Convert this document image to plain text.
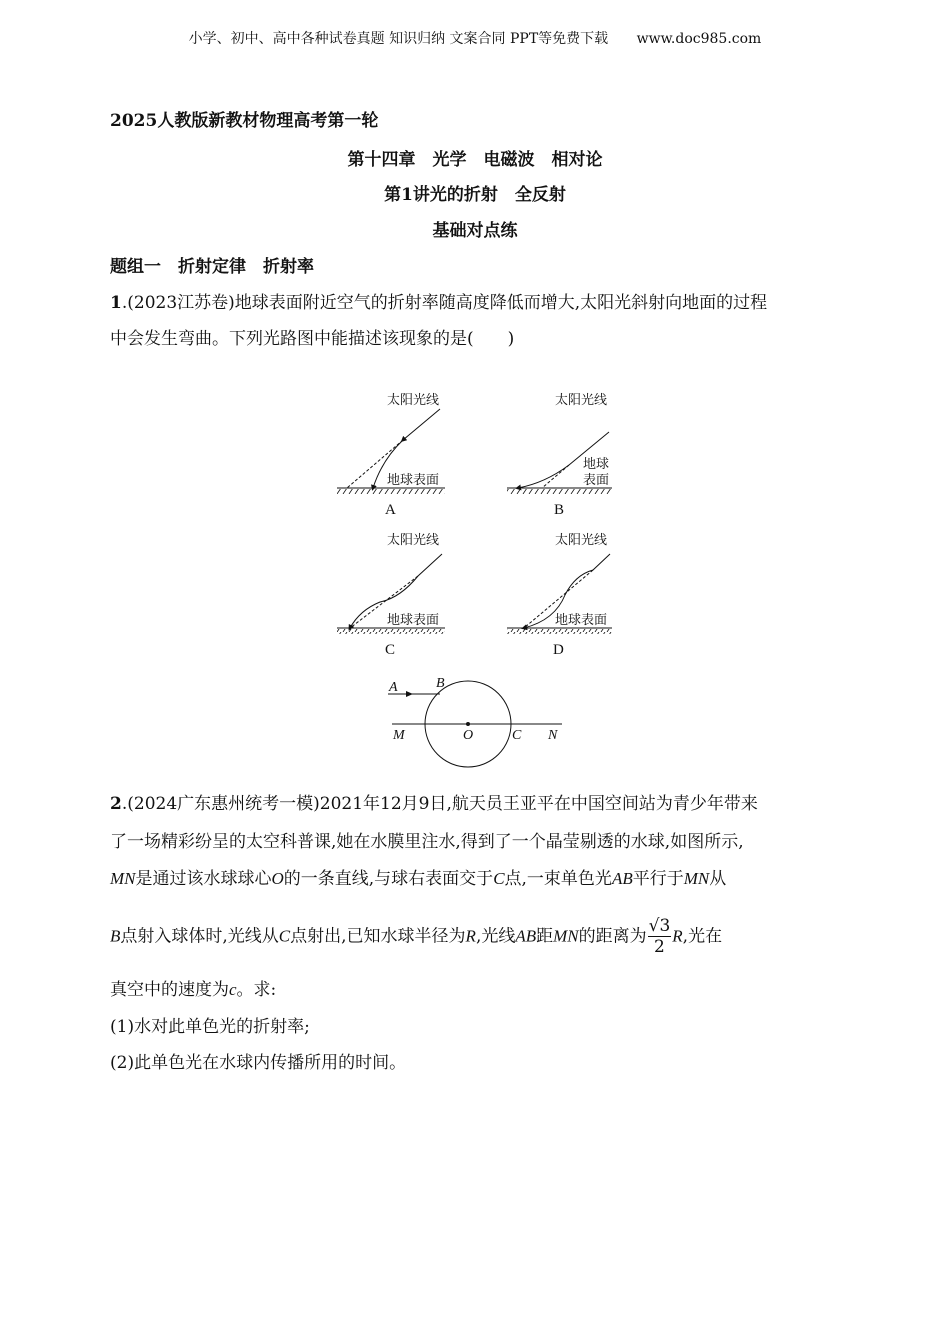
小学、初中、高中各种试卷真题 知识归纳 文案合同 PPT等免费下载 www.doc985.com
2025人教版新教材物理高考第一轮
第十四章　光学　电磁波　相对论
第1讲光的折射　全反射
基础对点练
题组一　折射定律　折射率
1.(2023江苏卷)地球表面附近空气的折射率随高度降低而增大,太阳光斜射向地面的过程
中会发生弯曲。下列光路图中能描述该现象的是(　　)
太阳光线
地球表面
A
太阳光线
地球
表面
B
太阳光线
地球表面
C
太阳光线
地球表面
D
A	B
M	O	C N
2.(2024广东惠州统考一模)2021年12月9日,航天员王亚平在中国空间站为青少年带来
了一场精彩纷呈的太空科普课,她在水膜里注水,得到了一个晶莹剔透的水球,如图所示,
MN是通过该水球球心O的一条直线,与球右表面交于C点,一束单色光AB平行于MN从
B点射入球体时,光线从C点射出,已知水球半径为R,光线AB距MN的距离为 $\frac{√3}{2} R$,光在
真空中的速度为c。求:
(1)水对此单色光的折射率;
(2)此单色光在水球内传播所用的时间。
